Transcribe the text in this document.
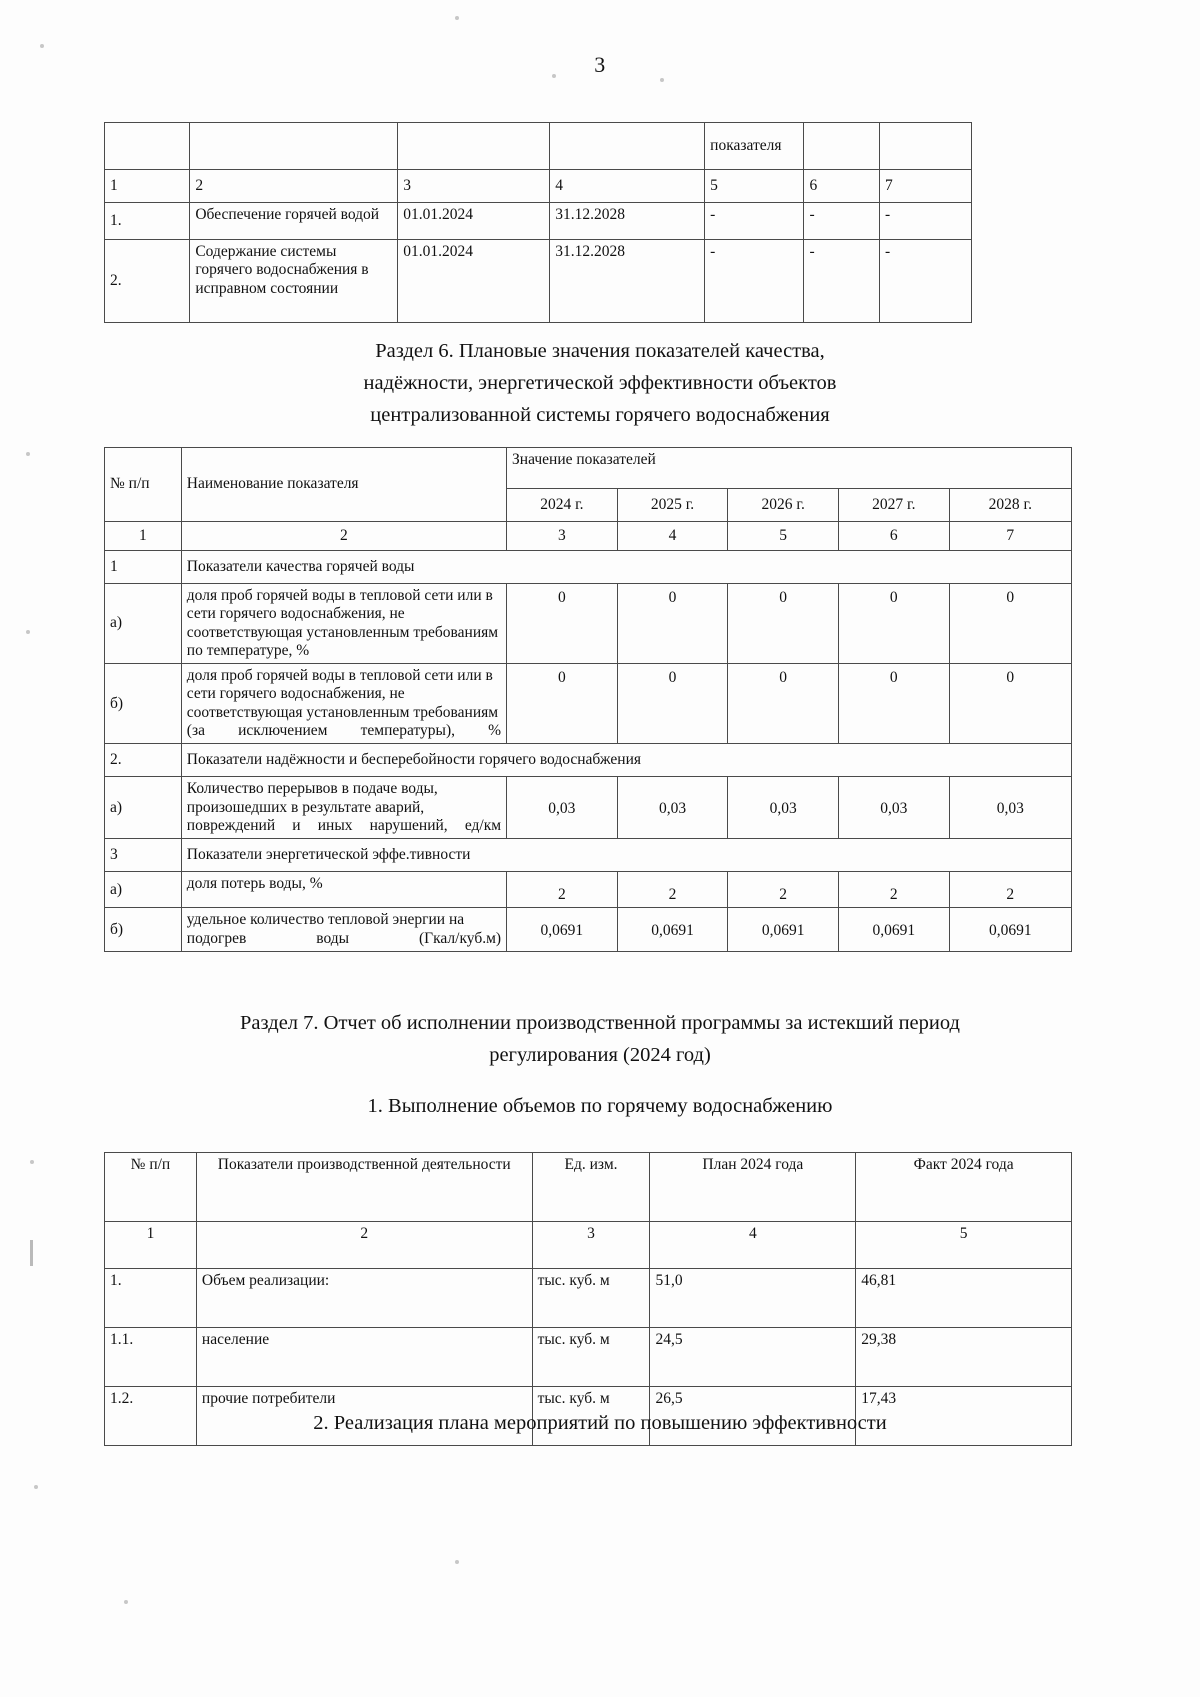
3
				показателя		
1	2	3	4	5	6	7
1.	Обеспечение горячей водой	01.01.2024	31.12.2028	-	-	-
2.	Содержание системы горячего водоснабжения в исправном состоянии	01.01.2024	31.12.2028	-	-	-
Раздел 6. Плановые значения показателей качества,
надёжности, энергетической эффективности объектов
централизованной системы горячего водоснабжения
№ п/п	Наименование показателя	Значение показателей				
		2024 г.	2025 г.	2026 г.	2027 г.	2028 г.
1	2	3	4	5	6	7
1	Показатели качества горячей воды					
а)	доля проб горячей воды в тепловой сети или в сети горячего водоснабжения, не соответствующая установленным требованиям по температуре, %	0	0	0	0	0
б)	доля проб горячей воды в тепловой сети или в сети горячего водоснабжения, не соответствующая установленным требованиям (за исключением температуры), %	0	0	0	0	0
2.	Показатели надёжности и бесперебойности горячего водоснабжения					
а)	Количество перерывов в подаче воды, произошедших в результате аварий, повреждений и иных нарушений, ед/км	0,03	0,03	0,03	0,03	0,03
3	Показатели энергетической эффе.тивности					
а)	доля потерь воды, %	2	2	2	2	2
б)	удельное количество тепловой энергии на подогрев воды (Гкал/куб.м)	0,0691	0,0691	0,0691	0,0691	0,0691
Раздел 7. Отчет об исполнении производственной программы за истекший период
регулирования (2024 год)
1. Выполнение объемов по горячему водоснабжению
№ п/п	Показатели производственной деятельности	Ед. изм.	План 2024 года	Факт 2024 года
1	2	3	4	5
1.	Объем реализации:	тыс. куб. м	51,0	46,81
1.1.	население	тыс. куб. м	24,5	29,38
1.2.	прочие потребители	тыс. куб. м	26,5	17,43
2. Реализация плана мероприятий по повышению эффективности
